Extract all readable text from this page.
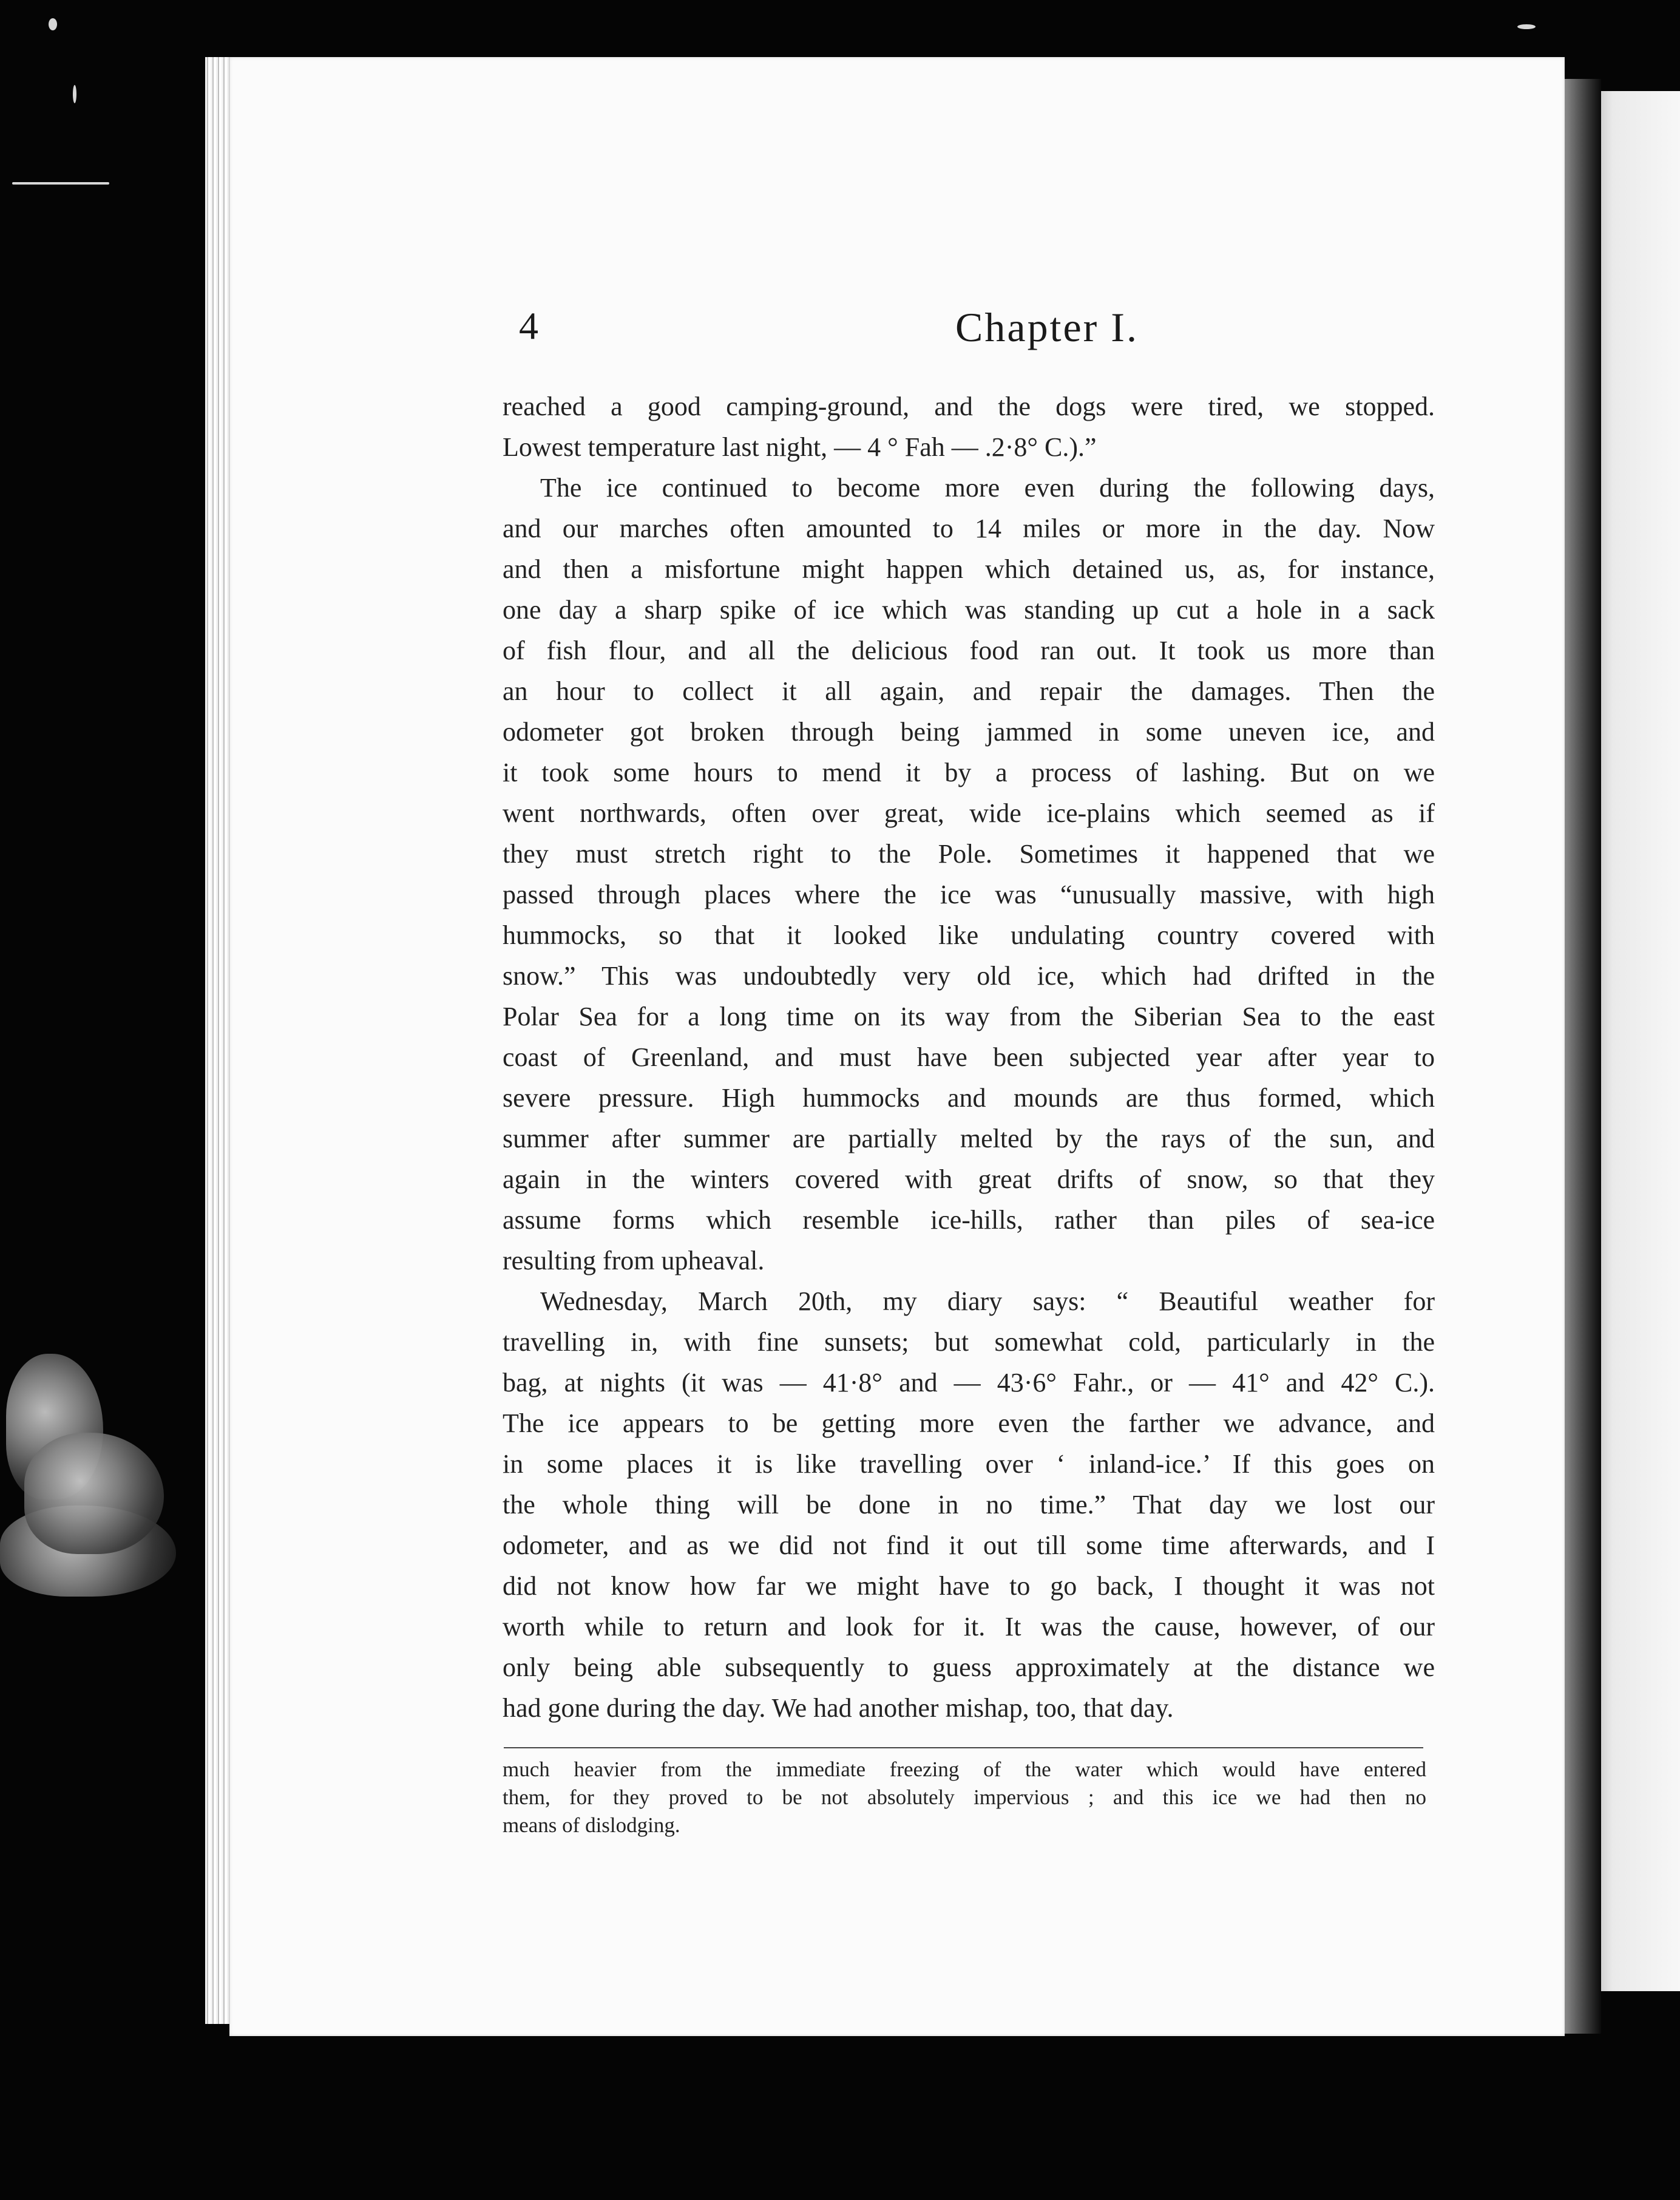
4	Chapter I.
reached a good camping-ground, and the dogs were tired, we stopped.
Lowest temperature last night, — 4 ° Fah — .2·8° C.).”
The ice continued to become more even during the following days,
and our marches often amounted to 14 miles or more in the day. Now
and then a misfortune might happen which detained us, as, for instance,
one day a sharp spike of ice which was standing up cut a hole in a sack
of fish flour, and all the delicious food ran out. It took us more than
an hour to collect it all again, and repair the damages. Then the
odometer got broken through being jammed in some uneven ice, and
it took some hours to mend it by a process of lashing. But on we
went northwards, often over great, wide ice-plains which seemed as if
they must stretch right to the Pole. Sometimes it happened that we
passed through places where the ice was “unusually massive, with high
hummocks, so that it looked like undulating country covered with
snow.” This was undoubtedly very old ice, which had drifted in the
Polar Sea for a long time on its way from the Siberian Sea to the east
coast of Greenland, and must have been subjected year after year to
severe pressure. High hummocks and mounds are thus formed, which
summer after summer are partially melted by the rays of the sun, and
again in the winters covered with great drifts of snow, so that they
assume forms which resemble ice-hills, rather than piles of sea-ice
resulting from upheaval.
Wednesday, March 20th, my diary says: “ Beautiful weather for
travelling in, with fine sunsets; but somewhat cold, particularly in the
bag, at nights (it was — 41·8° and — 43·6° Fahr., or — 41° and 42° C.).
The ice appears to be getting more even the farther we advance, and
in some places it is like travelling over ‘ inland-ice.’ If this goes on
the whole thing will be done in no time.” That day we lost our
odometer, and as we did not find it out till some time afterwards, and I
did not know how far we might have to go back, I thought it was not
worth while to return and look for it. It was the cause, however, of our
only being able subsequently to guess approximately at the distance we
had gone during the day. We had another mishap, too, that day.
much heavier from the immediate freezing of the water which would have entered
them, for they proved to be not absolutely impervious ; and this ice we had then no
means of dislodging.
